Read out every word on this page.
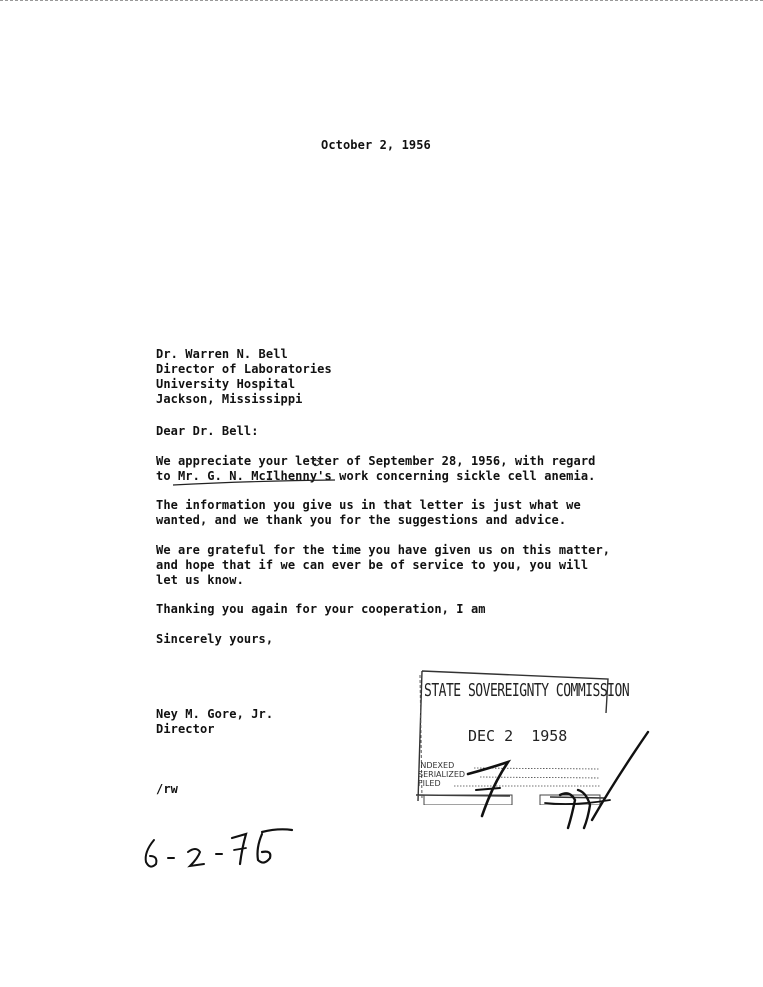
October 2, 1956
Dr. Warren N. Bell
Director of Laboratories
University Hospital
Jackson, Mississippi
Dear Dr. Bell:
We appreciate your letter of September 28, 1956, with regard
to Mr. G. N. McIlhenny's work concerning sickle cell anemia.
The information you give us in that letter is just what we
wanted, and we thank you for the suggestions and advice.
We are grateful for the time you have given us on this matter,
and hope that if we can ever be of service to you, you will
let us know.
Thanking you again for your cooperation, I am
Sincerely yours,
Ney M. Gore, Jr.
Director
/rw
STATE SOVEREIGNTY COMMISSION
DEC 2  1958
INDEXED
SERIALIZED
FILED
